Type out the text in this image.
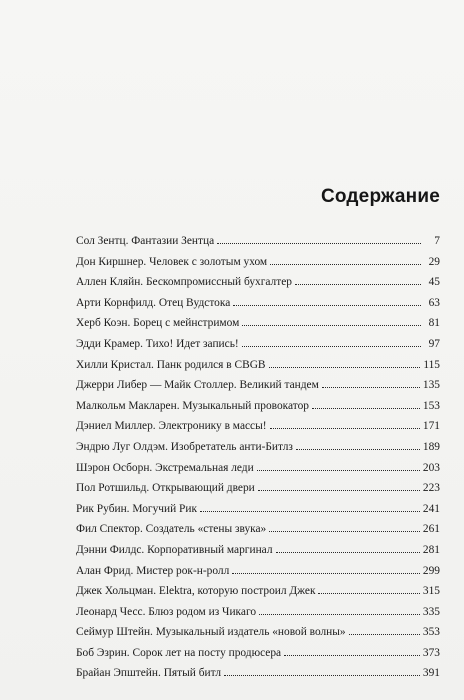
Содержание
Сол Зентц. Фантазии Зентца	7
Дон Киршнер. Человек с золотым ухом	29
Аллен Кляйн. Бескомпромиссный бухгалтер	45
Арти Корнфилд. Отец Вудстока	63
Херб Коэн. Борец с мейнстримом	81
Эдди Крамер. Тихо! Идет запись!	97
Хилли Кристал. Панк родился в CBGB	115
Джерри Либер — Майк Столлер. Великий тандем	135
Малкольм Макларен. Музыкальный провокатор	153
Дэниел Миллер. Электронику в массы!	171
Эндрю Луг Олдэм. Изобретатель анти-Битлз	189
Шэрон Осборн. Экстремальная леди	203
Пол Ротшильд. Открывающий двери	223
Рик Рубин. Могучий Рик	241
Фил Спектор. Создатель «стены звука»	261
Дэнни Филдс. Корпоративный маргинал	281
Алан Фрид. Мистер рок-н-ролл	299
Джек Хольцман. Elektra, которую построил Джек	315
Леонард Чесс. Блюз родом из Чикаго	335
Сеймур Штейн. Музыкальный издатель «новой волны»	353
Боб Эзрин. Сорок лет на посту продюсера	373
Брайан Эпштейн. Пятый битл	391
